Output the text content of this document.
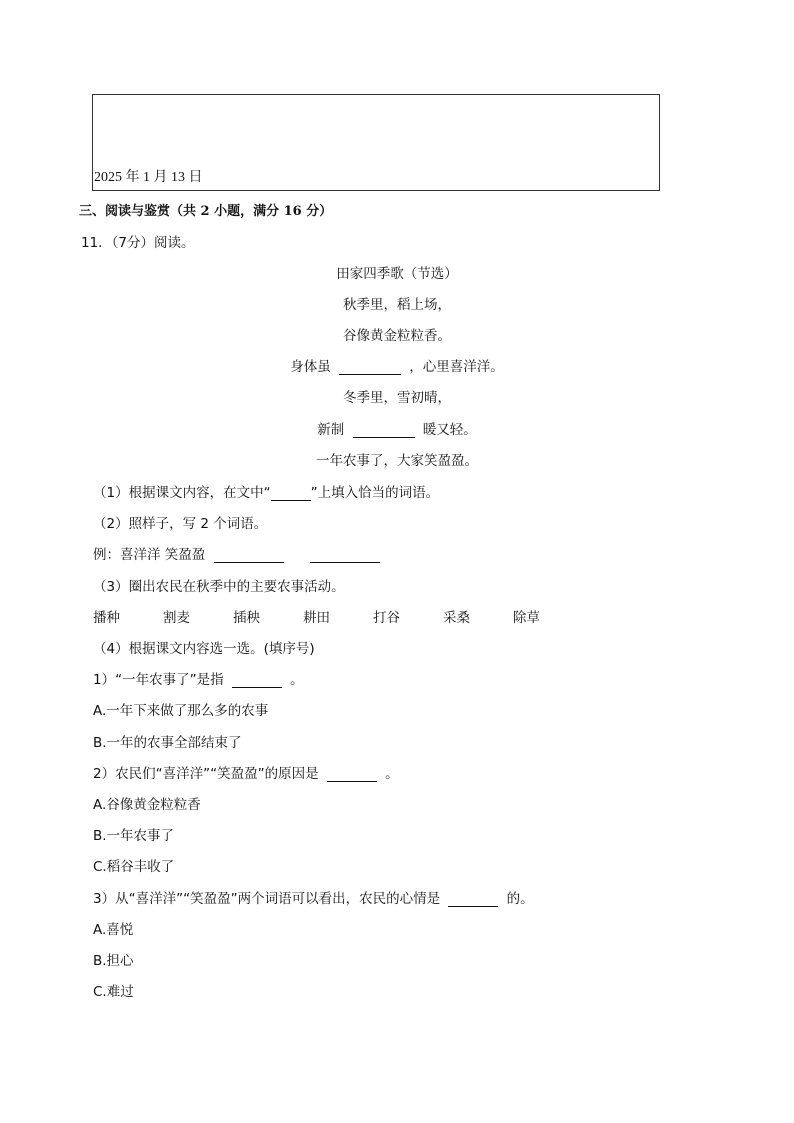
2025 年 1 月 13 日
三、阅读与鉴赏（共 2 小题，满分 16 分）
11．（7分）阅读。
田家四季歌（节选）
秋季里，稻上场，
谷像黄金粒粒香。
身体虽	，心里喜洋洋。
冬季里，雪初晴，
新制	暖又轻。
一年农事了，大家笑盈盈。
（1）根据课文内容，在文中“	”上填入恰当的词语。
（2）照样子，写 2 个词语。
例：喜洋洋 笑盈盈
（3）圈出农民在秋季中的主要农事活动。
播种	割麦	插秧	耕田	打谷	采桑	除草
（4）根据课文内容选一选。(填序号)
1）“一年农事了”是指	。
A.一年下来做了那么多的农事
B.一年的农事全部结束了
2）农民们“喜洋洋”“笑盈盈”的原因是	。
A.谷像黄金粒粒香
B.一年农事了
C.稻谷丰收了
3）从“喜洋洋”“笑盈盈”两个词语可以看出，农民的心情是	的。
A.喜悦
B.担心
C.难过
